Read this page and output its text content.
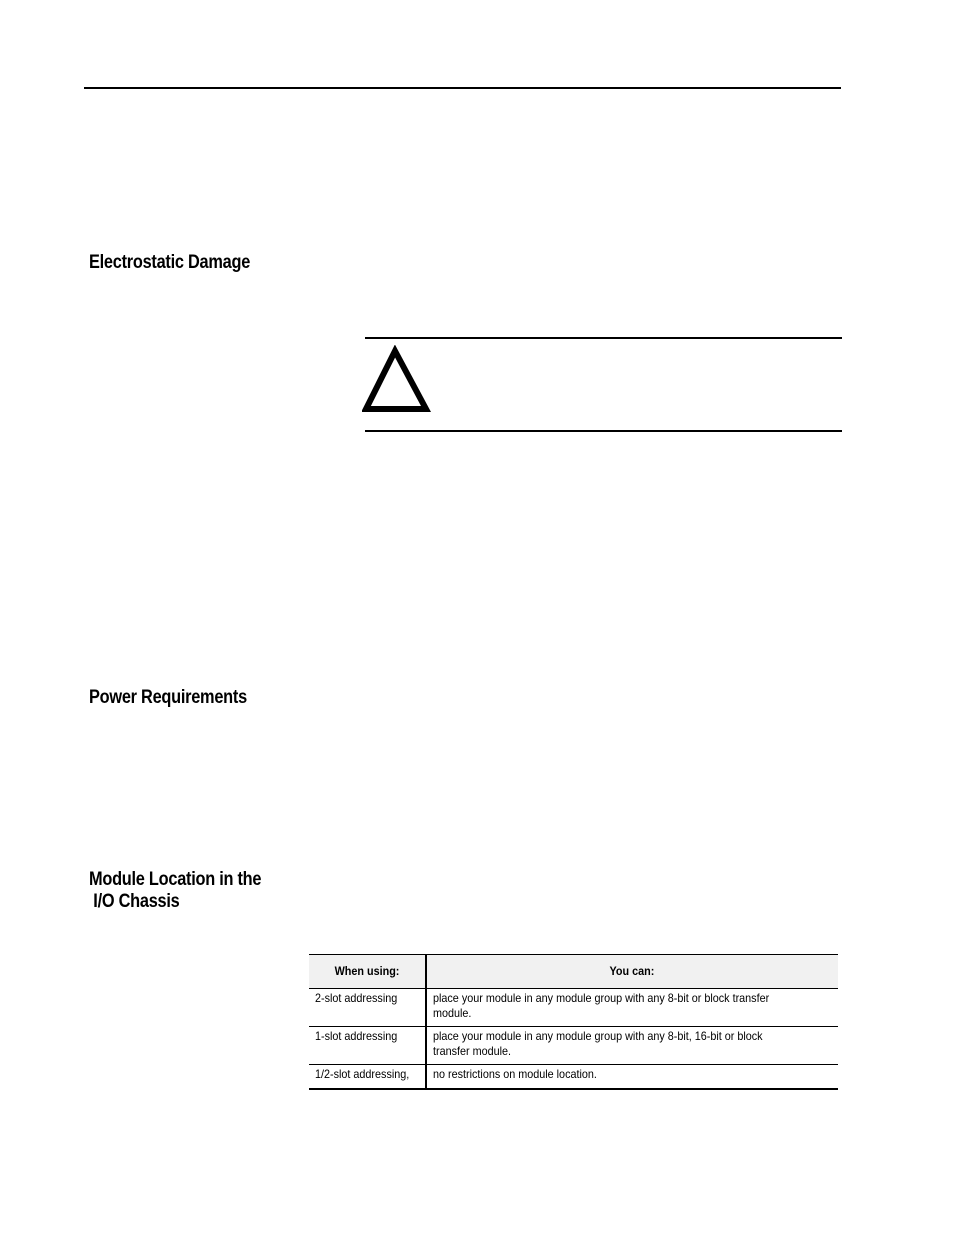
Electrostatic Damage
Power Requirements
Module Location in the
I/O Chassis
When using:	You can:
2-slot addressing	place your module in any module group with any 8-bit or block transfer module.
1-slot addressing	place your module in any module group with any 8-bit, 16-bit or block transfer module.
1/2-slot addressing,	no restrictions on module location.
